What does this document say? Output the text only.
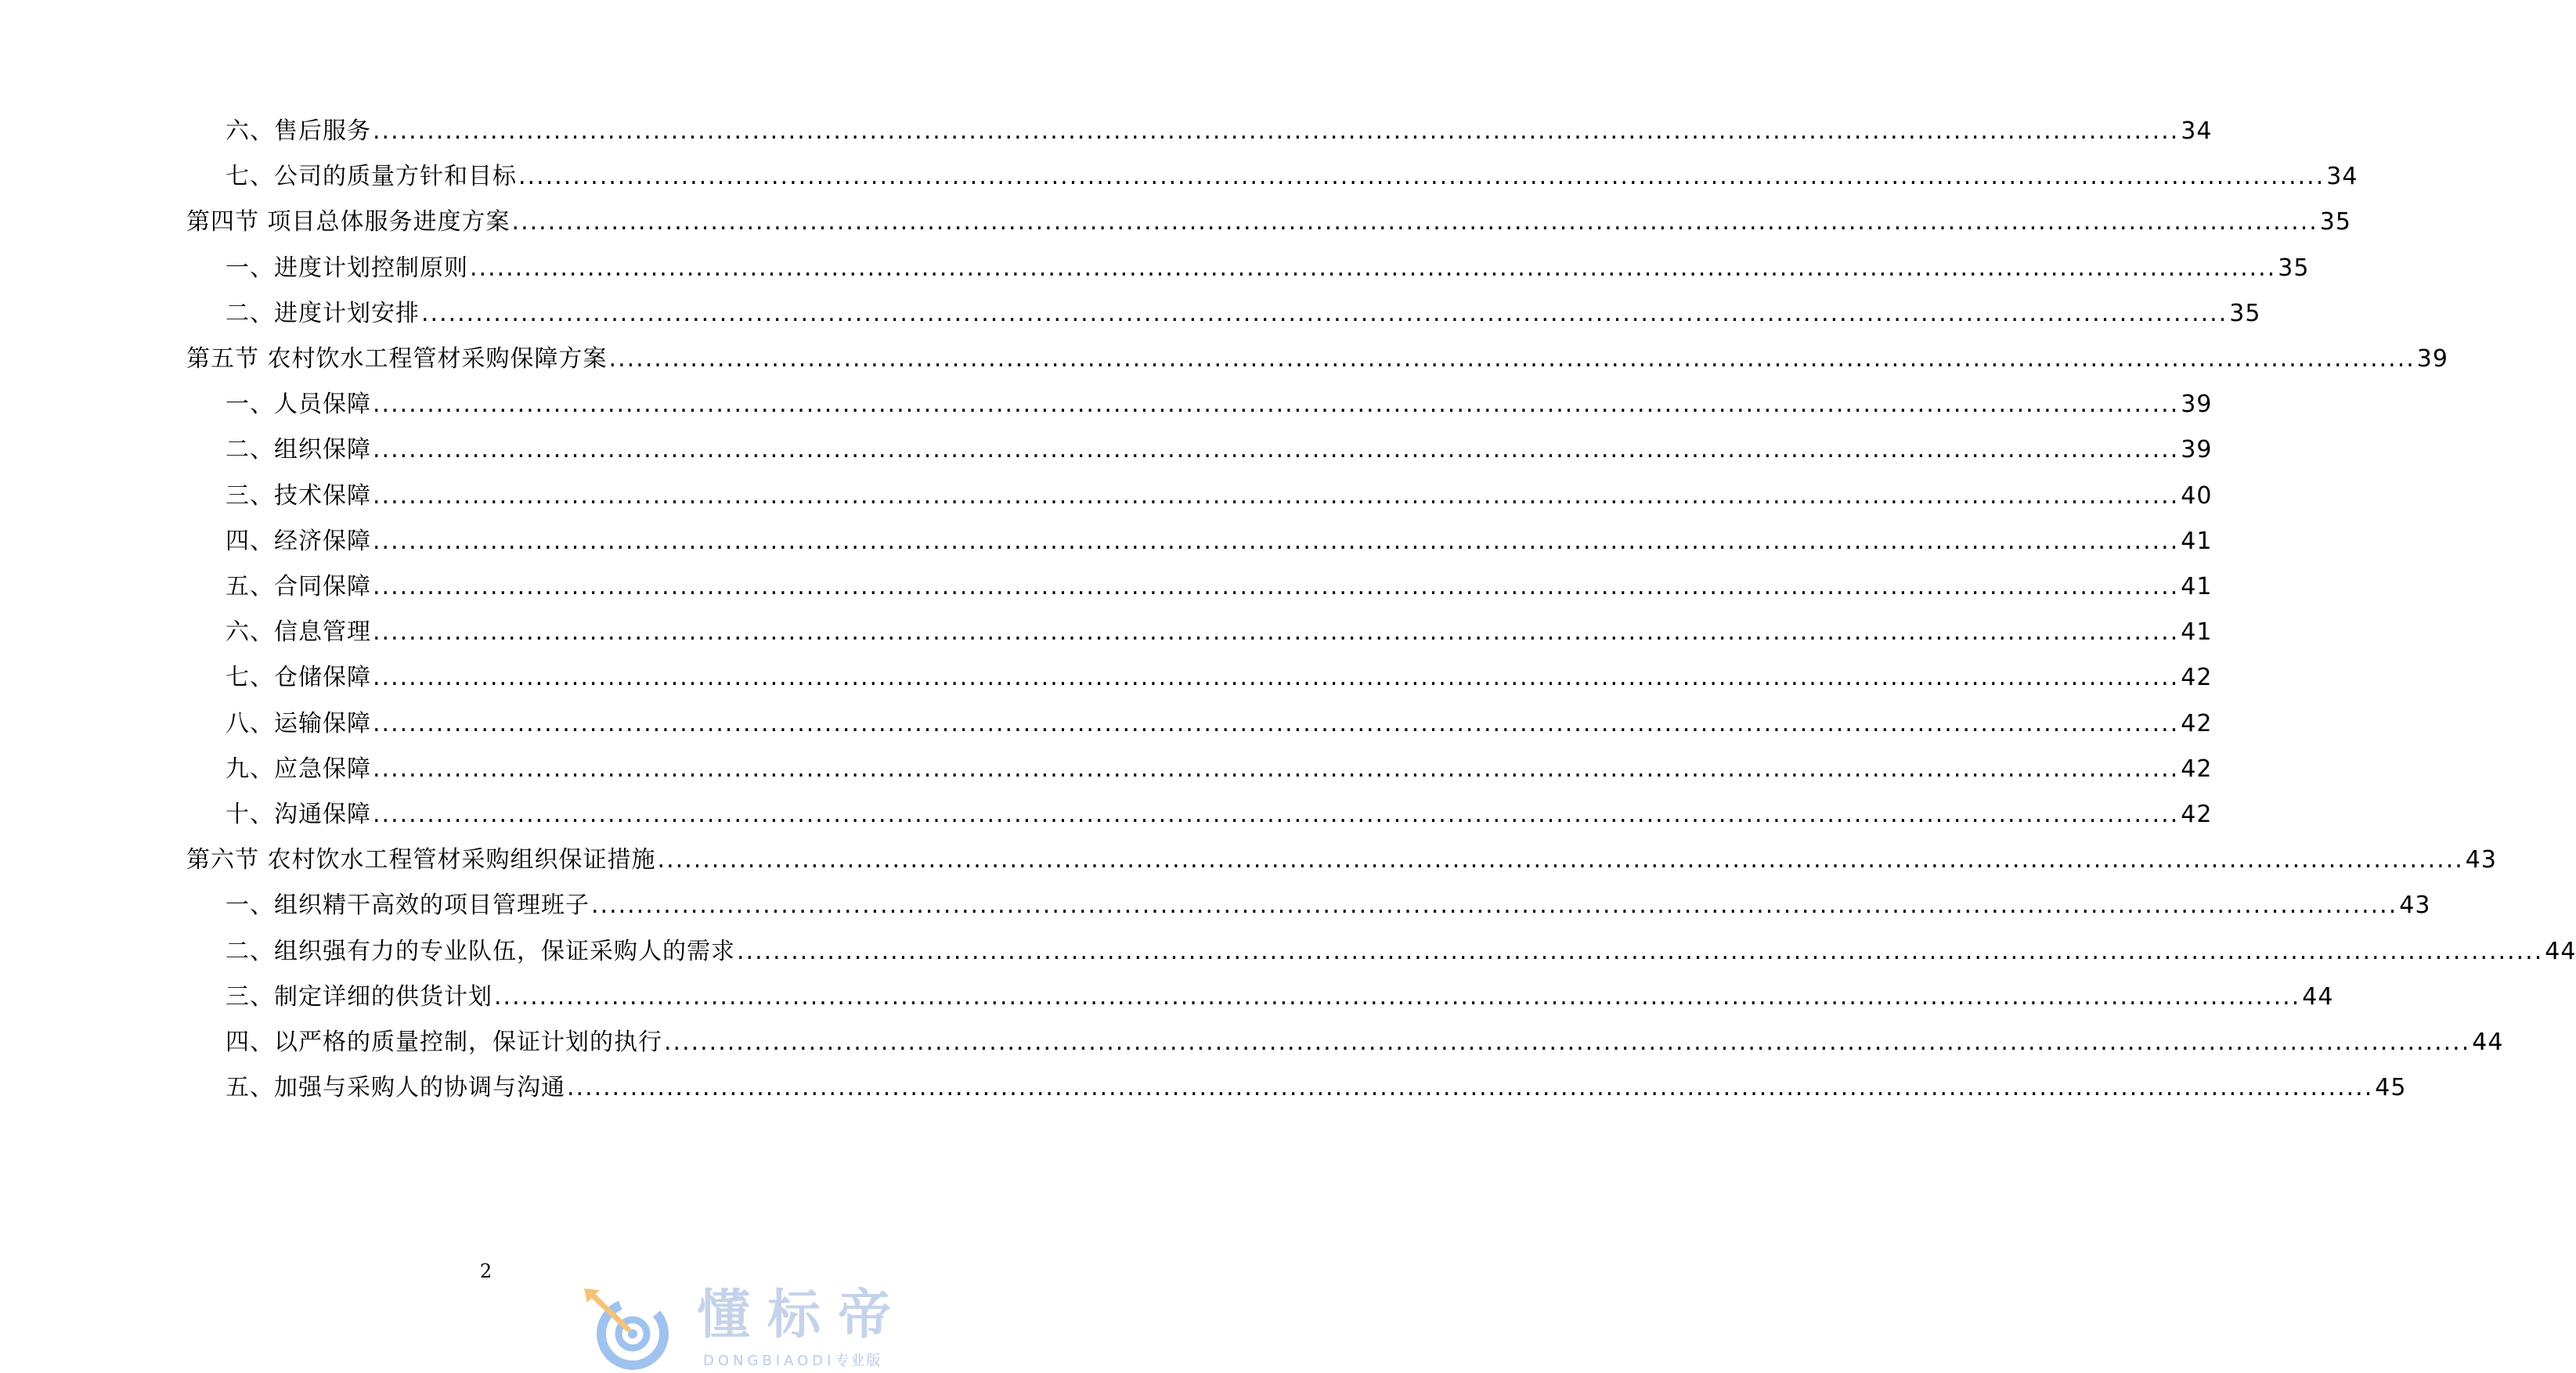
六、售后服务 ........................................................................................................................................................................................................ 34
七、公司的质量方针和目标 ........................................................................................................................................................................................................ 34
第四节 项目总体服务进度方案 ........................................................................................................................................................................................................ 35
一、进度计划控制原则 ........................................................................................................................................................................................................ 35
二、进度计划安排 ........................................................................................................................................................................................................ 35
第五节 农村饮水工程管材采购保障方案 ........................................................................................................................................................................................................ 39
一、人员保障 ........................................................................................................................................................................................................ 39
二、组织保障 ........................................................................................................................................................................................................ 39
三、技术保障 ........................................................................................................................................................................................................ 40
四、经济保障 ........................................................................................................................................................................................................ 41
五、合同保障 ........................................................................................................................................................................................................ 41
六、信息管理 ........................................................................................................................................................................................................ 41
七、仓储保障 ........................................................................................................................................................................................................ 42
八、运输保障 ........................................................................................................................................................................................................ 42
九、应急保障 ........................................................................................................................................................................................................ 42
十、沟通保障 ........................................................................................................................................................................................................ 42
第六节 农村饮水工程管材采购组织保证措施 ........................................................................................................................................................................................................ 43
一、组织精干高效的项目管理班子 ........................................................................................................................................................................................................ 43
二、组织强有力的专业队伍，保证采购人的需求 ........................................................................................................................................................................................................ 44
三、制定详细的供货计划 ........................................................................................................................................................................................................ 44
四、以严格的质量控制，保证计划的执行 ........................................................................................................................................................................................................ 44
五、加强与采购人的协调与沟通 ........................................................................................................................................................................................................ 45
2
懂标帝
DONGBIAODI专业版
